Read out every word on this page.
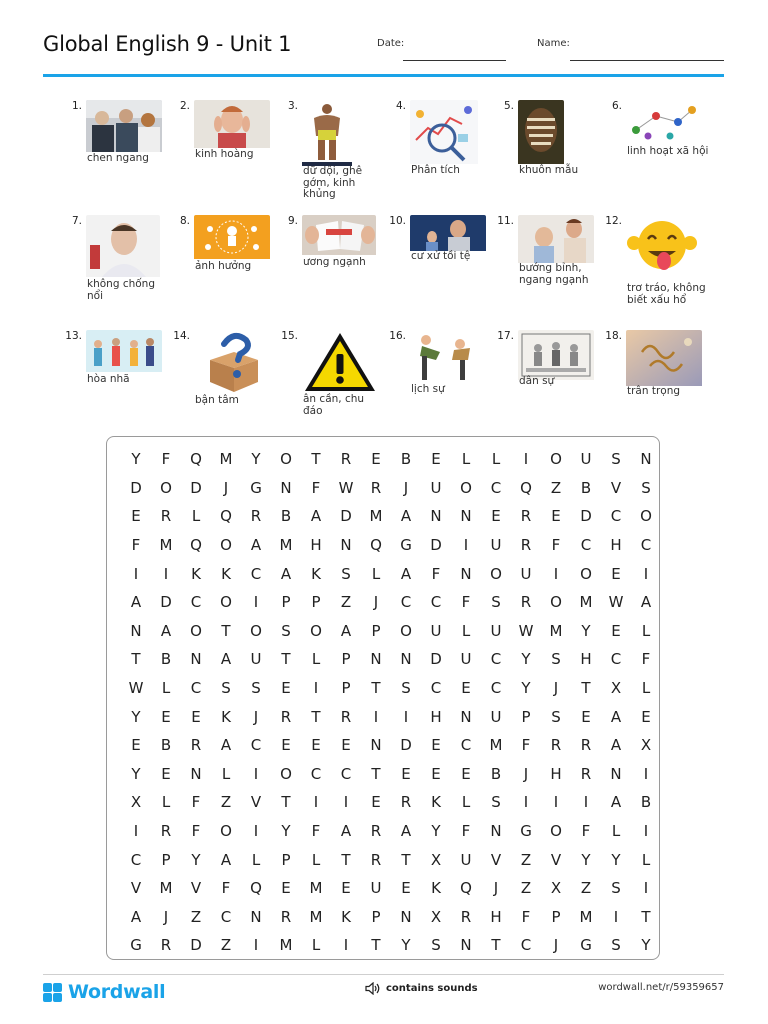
Global English 9 - Unit 1	Date:	Name:
1.
chen ngang
2.
kinh hoàng
3.
dữ dội, ghê gớm, kinh khủng
4.
Phân tích
5.
khuôn mẫu
6.
linh hoạt xã hội
7.
không chống nổi
8.
ảnh hưởng
9.
ương ngạnh
10.
cư xử tồi tệ
11.
bướng bỉnh, ngang ngạnh
12.
trơ tráo, không biết xấu hổ
13.
hòa nhã
14.
bận tâm
15.
ân cần, chu đáo
16.
lịch sự
17.
dân sự
18.
trân trọng
Y	F	Q	M	Y	O	T	R	E	B	E	L	L	I	O	U	S	N
D	O	D	J	G	N	F	W	R	J	U	O	C	Q	Z	B	V	S
E	R	L	Q	R	B	A	D	M	A	N	N	E	R	E	D	C	O
F	M	Q	O	A	M	H	N	Q	G	D	I	U	R	F	C	H	C
I	I	K	K	C	A	K	S	L	A	F	N	O	U	I	O	E	I
A	D	C	O	I	P	P	Z	J	C	C	F	S	R	O	M	W	A
N	A	O	T	O	S	O	A	P	O	U	L	U	W	M	Y	E	L
T	B	N	A	U	T	L	P	N	N	D	U	C	Y	S	H	C	F
W	L	C	S	S	E	I	P	T	S	C	E	C	Y	J	T	X	L
Y	E	E	K	J	R	T	R	I	I	H	N	U	P	S	E	A	E
E	B	R	A	C	E	E	E	N	D	E	C	M	F	R	R	A	X
Y	E	N	L	I	O	C	C	T	E	E	E	B	J	H	R	N	I
X	L	F	Z	V	T	I	I	E	R	K	L	S	I	I	I	A	B
I	R	F	O	I	Y	F	A	R	A	Y	F	N	G	O	F	L	I
C	P	Y	A	L	P	L	T	R	T	X	U	V	Z	V	Y	Y	L
V	M	V	F	Q	E	M	E	U	E	K	Q	J	Z	X	Z	S	I
A	J	Z	C	N	R	M	K	P	N	X	R	H	F	P	M	I	T
G	R	D	Z	I	M	L	I	T	Y	S	N	T	C	J	G	S	Y
Wordwall	contains sounds	wordwall.net/r/59359657
